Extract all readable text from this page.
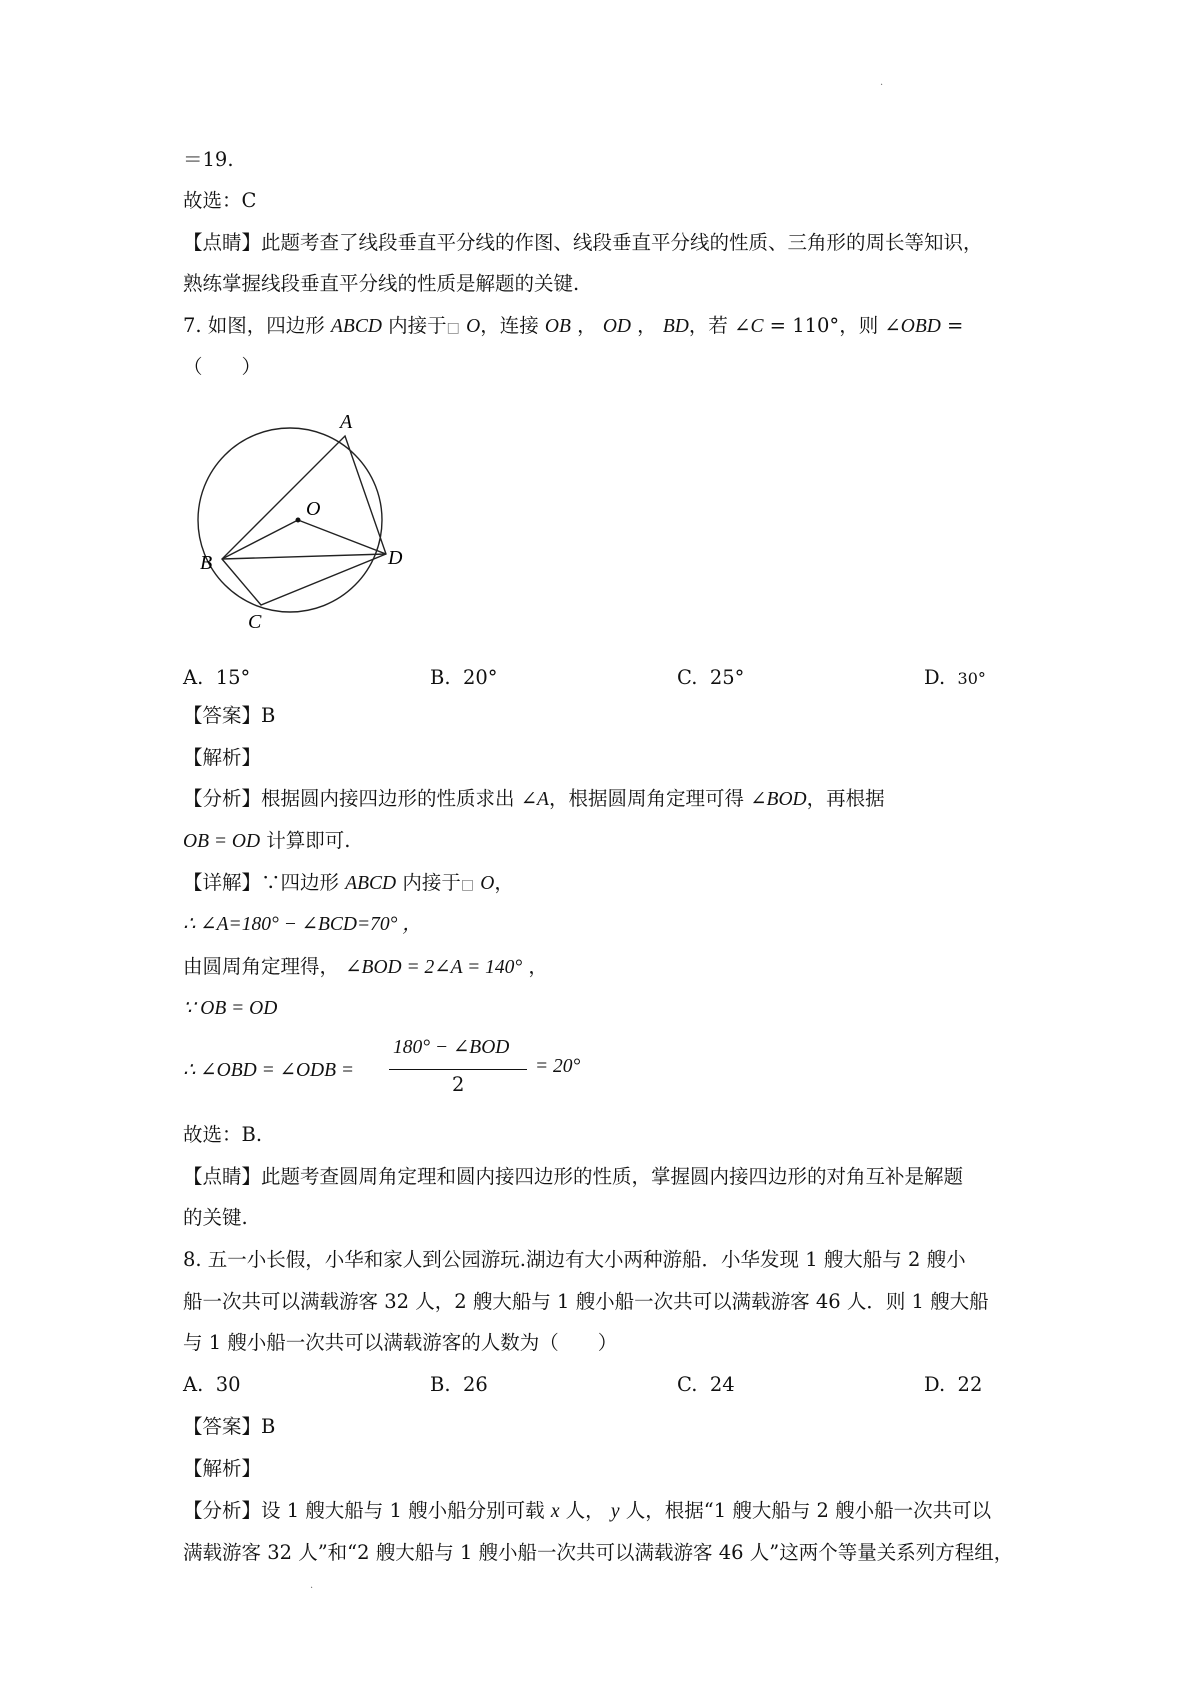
·
＝19.
故选：C
【点睛】此题考查了线段垂直平分线的作图、线段垂直平分线的性质、三角形的周长等知识，
熟练掌握线段垂直平分线的性质是解题的关键.
7. 如图，四边形 ABCD 内接于□ O，连接 OB ， OD ， BD，若 ∠C = 110°，则 ∠OBD =
（　　）
A
B
C
D
O
A. 15°	B. 20°	C. 25°	D. 30°
【答案】B
【解析】
【分析】根据圆内接四边形的性质求出 ∠A，根据圆周角定理可得 ∠BOD，再根据
OB = OD 计算即可.
【详解】∵四边形 ABCD 内接于□ O，
∴ ∠A=180° − ∠BCD=70° ，
由圆周角定理得， ∠BOD = 2∠A = 140° ，
∵ OB = OD
∴ ∠OBD = ∠ODB =
180° − ∠BOD
2
= 20°
故选：B.
【点睛】此题考查圆周角定理和圆内接四边形的性质，掌握圆内接四边形的对角互补是解题
的关键.
8. 五一小长假，小华和家人到公园游玩.湖边有大小两种游船．小华发现 1 艘大船与 2 艘小
船一次共可以满载游客 32 人，2 艘大船与 1 艘小船一次共可以满载游客 46 人．则 1 艘大船
与 1 艘小船一次共可以满载游客的人数为（　　）
A. 30	B. 26	C. 24	D. 22
【答案】B
【解析】
【分析】设 1 艘大船与 1 艘小船分别可载 x 人， y 人，根据“1 艘大船与 2 艘小船一次共可以
满载游客 32 人”和“2 艘大船与 1 艘小船一次共可以满载游客 46 人”这两个等量关系列方程组，
·
